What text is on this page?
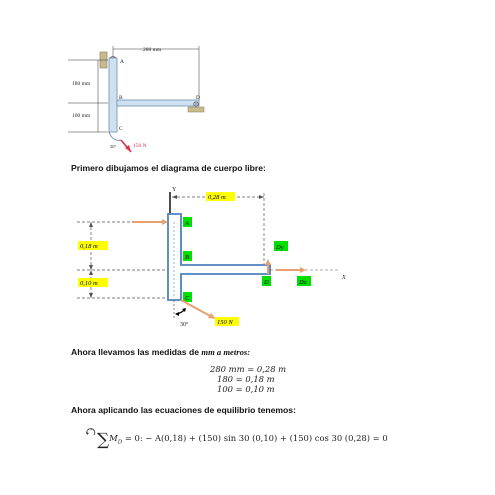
280 mm
180 mm
100 mm
A
B
C
D
150 N
30°
Primero dibujamos el diagrama de cuerpo libre:
Y
0,28 m
0,18 m
0,10 m
A
B
X
Dy
D	Dx
C
150 N
30°
Ahora llevamos las medidas de mm a metros:
280 mm = 0,28 m
180 = 0,18 m
100 = 0,10 m
Ahora aplicando las ecuaciones de equilibrio tenemos:
+
$\sum M_D = 0$: − A(0,18) + (150) sin 30 (0,10) + (150) cos 30 (0,28) = 0
